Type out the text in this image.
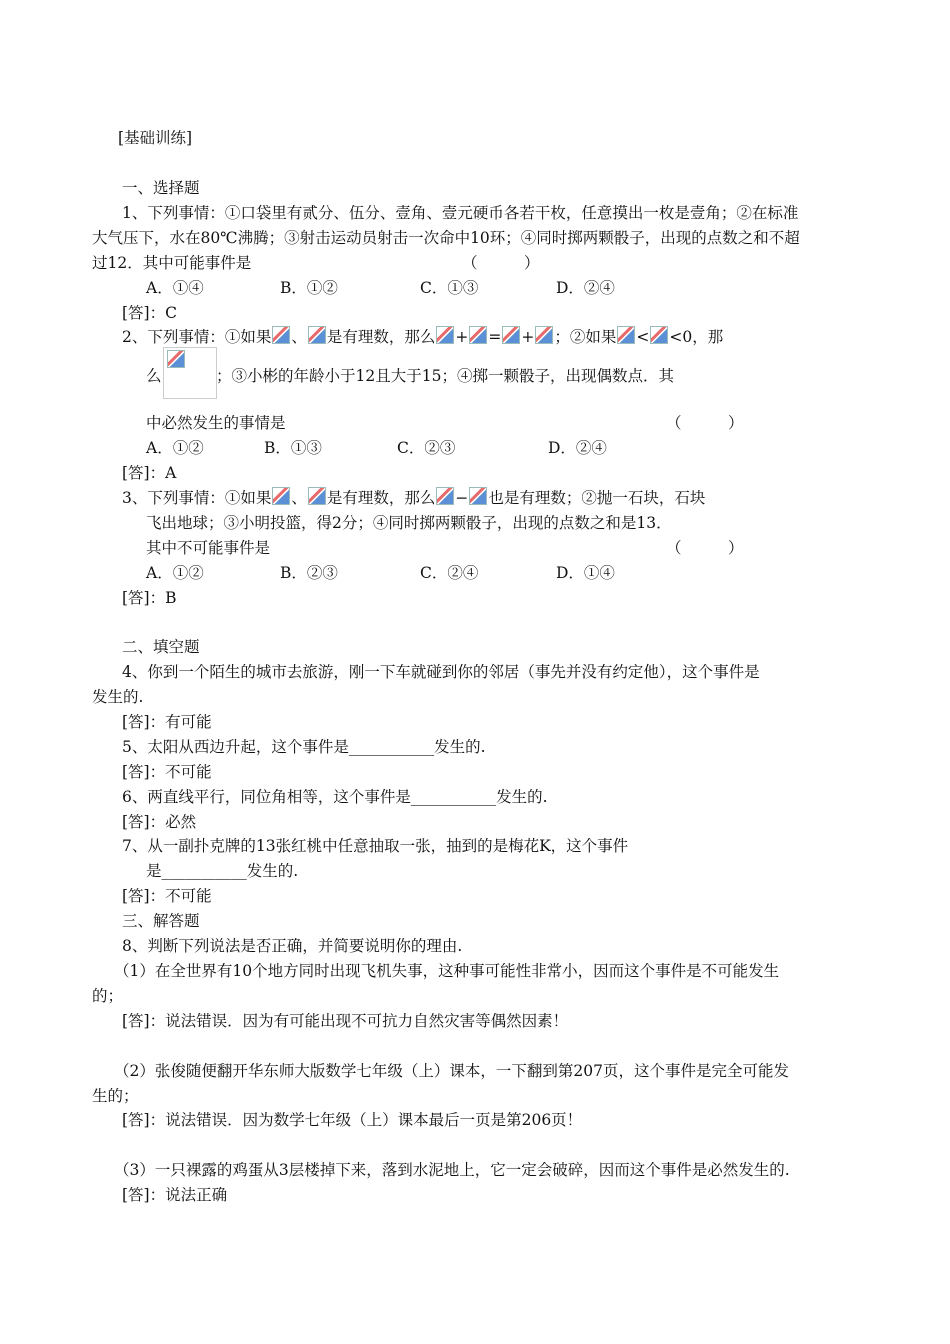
[基础训练]
一、选择题
1、下列事情：①口袋里有贰分、伍分、壹角、壹元硬币各若干枚，任意摸出一枚是壹角；②在标准
大气压下，水在80℃沸腾；③射击运动员射击一次命中10环；④同时掷两颗骰子，出现的点数之和不超
过12．其中可能事件是	（　　　）
A．①④	B．①②	C．①③	D．②④
[答]：C
2、下列事情：①如果 、 是有理数，那么 + = + ；②如果 < <0，那
么	；③小彬的年龄小于12且大于15；④掷一颗骰子，出现偶数点．其
中必然发生的事情是	（　　　）
A．①②	B．①③	C．②③	D．②④
[答]：A
3、下列事情：①如果 、 是有理数，那么 − 也是有理数；②抛一石块，石块
飞出地球；③小明投篮，得2分；④同时掷两颗骰子，出现的点数之和是13．
其中不可能事件是	（　　　）
A．①②	B．②③	C．②④	D．①④
[答]：B
二、填空题
4、你到一个陌生的城市去旅游，刚一下车就碰到你的邻居（事先并没有约定他），这个事件是
发生的.
[答]：有可能
5、太阳从西边升起，这个事件是___________发生的.
[答]：不可能
6、两直线平行，同位角相等，这个事件是___________发生的.
[答]：必然
7、从一副扑克牌的13张红桃中任意抽取一张，抽到的是梅花K，这个事件
是___________发生的.
[答]：不可能
三、解答题
8、判断下列说法是否正确，并简要说明你的理由.
（1）在全世界有10个地方同时出现飞机失事，这种事可能性非常小，因而这个事件是不可能发生
的；
[答]：说法错误．因为有可能出现不可抗力自然灾害等偶然因素！
（2）张俊随便翻开华东师大版数学七年级（上）课本，一下翻到第207页，这个事件是完全可能发
生的；
[答]：说法错误．因为数学七年级（上）课本最后一页是第206页！
（3）一只裸露的鸡蛋从3层楼掉下来，落到水泥地上，它一定会破碎，因而这个事件是必然发生的.
[答]：说法正确
